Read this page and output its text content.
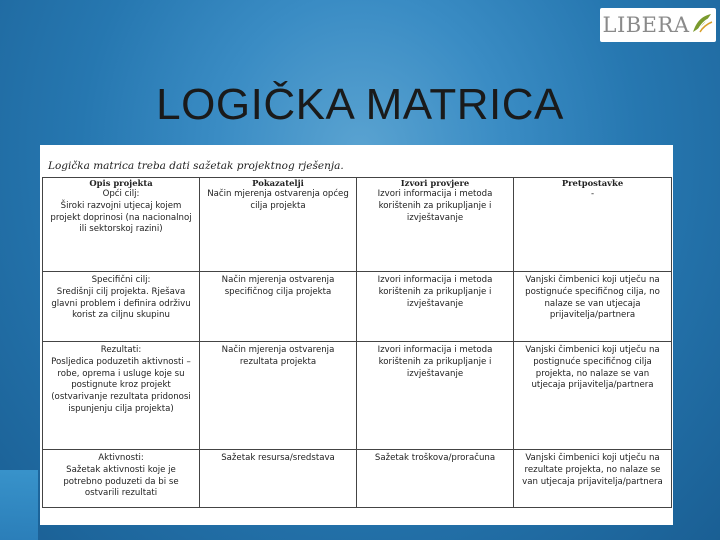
LIBERA
LOGIČKA MATRICA
Logička matrica treba dati sažetak projektnog rješenja.
Opis projekta	Pokazatelji	Izvori provjere	Pretpostavke
Opći cilj:
Široki razvojni utjecaj kojem projekt doprinosi (na nacionalnoj ili sektorskoj razini)	Način mjerenja ostvarenja općeg cilja projekta	Izvori informacija i metoda korištenih za prikupljanje i izvještavanje	-
Specifični cilj:
Središnji cilj projekta. Rješava glavni problem i definira održivu korist za ciljnu skupinu	Način mjerenja ostvarenja specifičnog cilja projekta	Izvori informacija i metoda korištenih za prikupljanje i izvještavanje	Vanjski čimbenici koji utječu na postignuće specifičnog cilja, no nalaze se van utjecaja prijavitelja/partnera
Rezultati:
Posljedica poduzetih aktivnosti – robe, oprema i usluge koje su postignute kroz projekt
(ostvarivanje rezultata pridonosi ispunjenju cilja projekta)	Način mjerenja ostvarenja rezultata projekta	Izvori informacija i metoda korištenih za prikupljanje i izvještavanje	Vanjski čimbenici koji utječu na postignuće specifičnog cilja projekta, no nalaze se van utjecaja prijavitelja/partnera
Aktivnosti:
Sažetak aktivnosti koje je potrebno poduzeti da bi se ostvarili rezultati	Sažetak resursa/sredstava	Sažetak troškova/proračuna	Vanjski čimbenici koji utječu na rezultate projekta, no nalaze se van utjecaja prijavitelja/partnera
